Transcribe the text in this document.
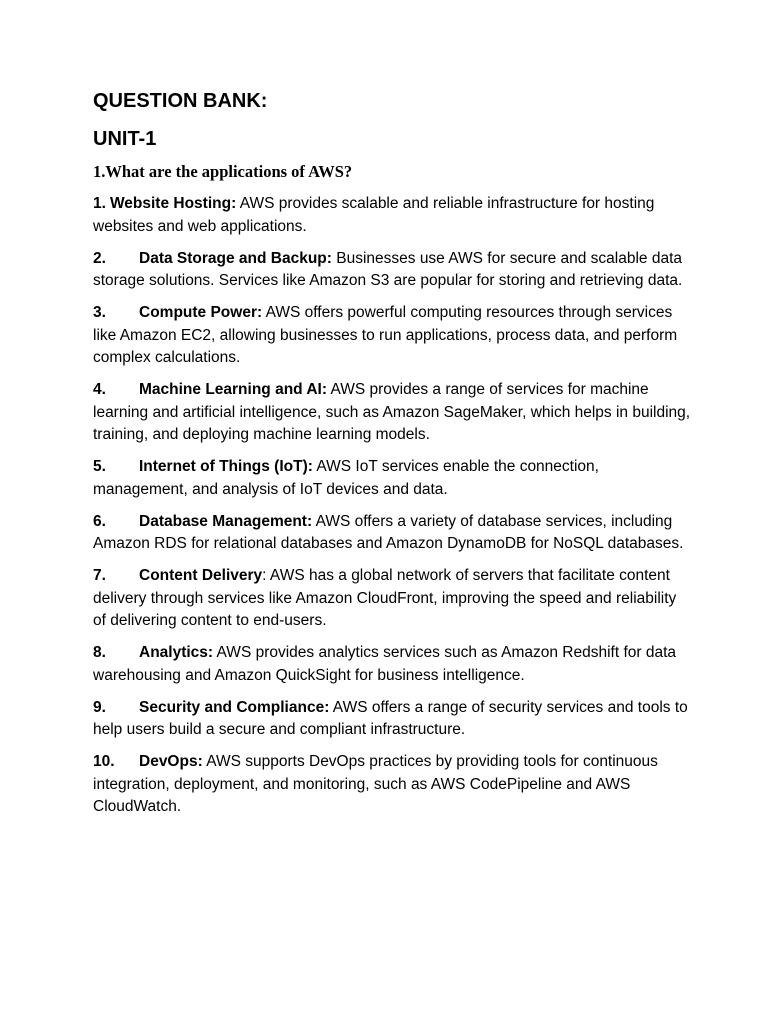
QUESTION BANK:

UNIT-1

1.What are the applications of AWS?

1. Website Hosting: AWS provides scalable and reliable infrastructure for hosting websites and web applications.

2. Data Storage and Backup: Businesses use AWS for secure and scalable data storage solutions. Services like Amazon S3 are popular for storing and retrieving data.

3. Compute Power: AWS offers powerful computing resources through services like Amazon EC2, allowing businesses to run applications, process data, and perform complex calculations.

4. Machine Learning and AI: AWS provides a range of services for machine learning and artificial intelligence, such as Amazon SageMaker, which helps in building, training, and deploying machine learning models.

5. Internet of Things (IoT): AWS IoT services enable the connection, management, and analysis of IoT devices and data.

6. Database Management: AWS offers a variety of database services, including Amazon RDS for relational databases and Amazon DynamoDB for NoSQL databases.

7. Content Delivery: AWS has a global network of servers that facilitate content delivery through services like Amazon CloudFront, improving the speed and reliability of delivering content to end-users.

8. Analytics: AWS provides analytics services such as Amazon Redshift for data warehousing and Amazon QuickSight for business intelligence.

9. Security and Compliance: AWS offers a range of security services and tools to help users build a secure and compliant infrastructure.

10. DevOps: AWS supports DevOps practices by providing tools for continuous integration, deployment, and monitoring, such as AWS CodePipeline and AWS CloudWatch.
